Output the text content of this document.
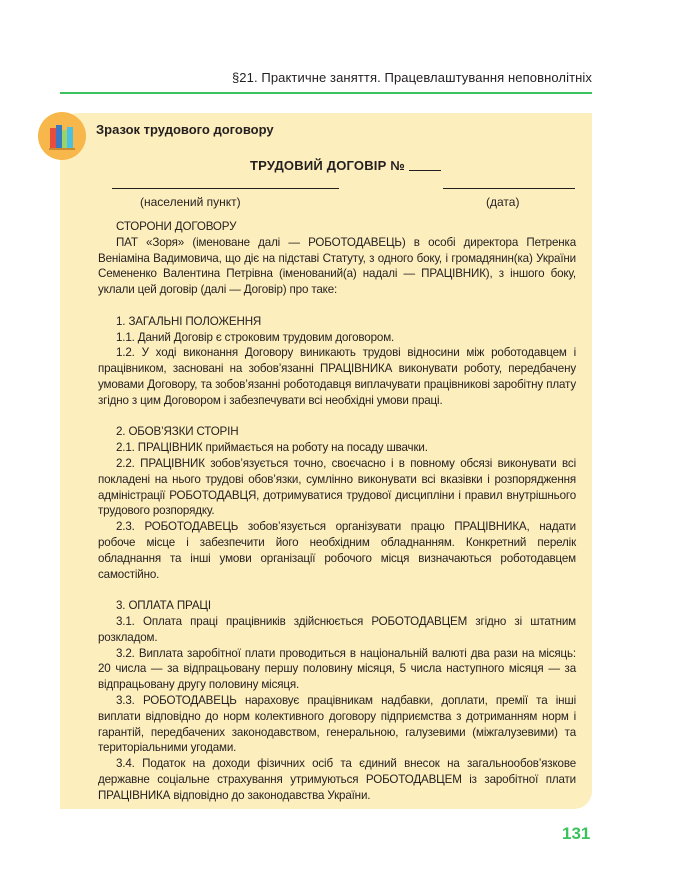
§21. Практичне заняття. Працевлаштування неповнолітніх
Зразок трудового договору
ТРУДОВИЙ ДОГОВІР №
(населений пункт)	(дата)

СТОРОНИ ДОГОВОРУ

ПАТ «Зоря» (іменоване далі — РОБОТОДАВЕЦЬ) в особі директора Петренка Веніаміна Вадимовича, що діє на підставі Статуту, з одного боку, і громадянин(ка) України Семененко Валентина Петрівна (іменований(а) надалі — ПРАЦІВНИК), з іншого боку, уклали цей договір (далі — Договір) про таке:

1. ЗАГАЛЬНІ ПОЛОЖЕННЯ

1.1. Даний Договір є строковим трудовим договором.

1.2. У ході виконання Договору виникають трудові відносини між роботодавцем і працівником, засновані на зобов’язанні ПРАЦІВНИКА виконувати роботу, передбачену умовами Договору, та зобов’язанні роботодавця виплачувати працівникові заробітну плату згідно з цим Договором і забезпечувати всі необхідні умови праці.

2. ОБОВ’ЯЗКИ СТОРІН

2.1. ПРАЦІВНИК приймається на роботу на посаду швачки.

2.2. ПРАЦІВНИК зобов’язується точно, своєчасно і в повному обсязі виконувати всі покладені на нього трудові обов’язки, сумлінно виконувати всі вказівки і розпорядження адміністрації РОБОТОДАВЦЯ, дотримуватися трудової дисципліни і правил внутрішнього трудового розпорядку.

2.3. РОБОТОДАВЕЦЬ зобов’язується організувати працю ПРАЦІВНИКА, надати робоче місце і забезпечити його необхідним обладнанням. Конкретний перелік обладнання та інші умови організації робочого місця визначаються роботодавцем самостійно.

3. ОПЛАТА ПРАЦІ

3.1. Оплата праці працівників здійснюється РОБОТОДАВЦЕМ згідно зі штатним розкладом.

3.2. Виплата заробітної плати проводиться в національній валюті два рази на місяць: 20 числа — за відпрацьовану першу половину місяця, 5 числа наступного місяця — за відпрацьовану другу половину місяця.

3.3. РОБОТОДАВЕЦЬ нараховує працівникам надбавки, доплати, премії та інші виплати відповідно до норм колективного договору підприємства з дотриманням норм і гарантій, передбачених законодавством, генеральною, галузевими (міжгалузевими) та територіальними угодами.

3.4. Податок на доходи фізичних осіб та єдиний внесок на загальнообов’язкове державне соціальне страхування утримуються РОБОТОДАВЦЕМ із заробітної плати ПРАЦІВНИКА відповідно до законодавства України.

131
